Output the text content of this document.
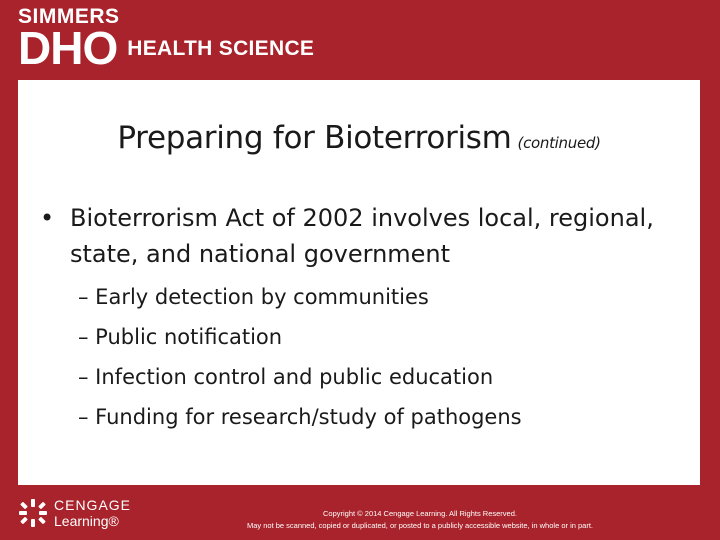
SIMMERS
DHO HEALTH SCIENCE
Preparing for Bioterrorism (continued)
• Bioterrorism Act of 2002 involves local, regional, state, and national government
– Early detection by communities
– Public notification
– Infection control and public education
– Funding for research/study of pathogens
CENGAGE
Learning®	Copyright © 2014 Cengage Learning. All Rights Reserved.
May not be scanned, copied or duplicated, or posted to a publicly accessible website, in whole or in part.
